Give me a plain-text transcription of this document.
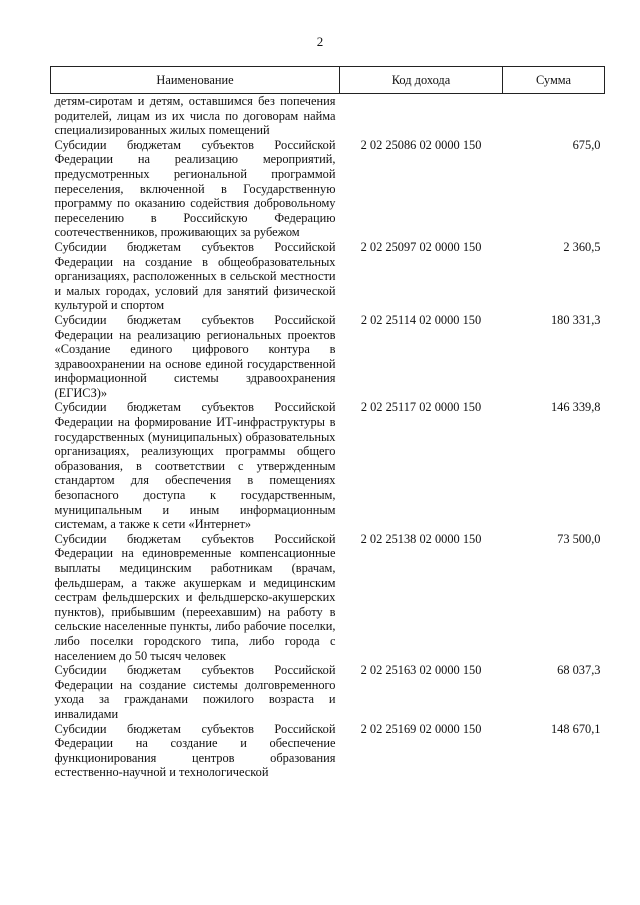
2
Наименование	Код дохода	Сумма
детям-сиротам и детям, оставшимся без попечения родителей, лицам из их числа по договорам найма специализированных жилых помещений		
Субсидии бюджетам субъектов Российской Федерации на реализацию мероприятий, предусмотренных региональной программой переселения, включенной в Государственную программу по оказанию содействия добровольному переселению в Российскую Федерацию соотечественников, проживающих за рубежом	2 02 25086 02 0000 150	675,0
Субсидии бюджетам субъектов Российской Федерации на создание в общеобразовательных организациях, расположенных в сельской местности и малых городах, условий для занятий физической культурой и спортом	2 02 25097 02 0000 150	2 360,5
Субсидии бюджетам субъектов Российской Федерации на реализацию региональных проектов «Создание единого цифрового контура в здравоохранении на основе единой государственной информационной системы здравоохранения (ЕГИСЗ)»	2 02 25114 02 0000 150	180 331,3
Субсидии бюджетам субъектов Российской Федерации на формирование ИТ-инфраструктуры в государственных (муниципальных) образовательных организациях, реализующих программы общего образования, в соответствии с утвержденным стандартом для обеспечения в помещениях безопасного доступа к государственным, муниципальным и иным информационным системам, а также к сети «Интернет»	2 02 25117 02 0000 150	146 339,8
Субсидии бюджетам субъектов Российской Федерации на единовременные компенсационные выплаты медицинским работникам (врачам, фельдшерам, а также акушеркам и медицинским сестрам фельдшерских и фельдшерско-акушерских пунктов), прибывшим (переехавшим) на работу в сельские населенные пункты, либо рабочие поселки, либо поселки городского типа, либо города с населением до 50 тысяч человек	2 02 25138 02 0000 150	73 500,0
Субсидии бюджетам субъектов Российской Федерации на создание системы долговременного ухода за гражданами пожилого возраста и инвалидами	2 02 25163 02 0000 150	68 037,3
Субсидии бюджетам субъектов Российской Федерации на создание и обеспечение функционирования центров образования естественно-научной и технологической	2 02 25169 02 0000 150	148 670,1
